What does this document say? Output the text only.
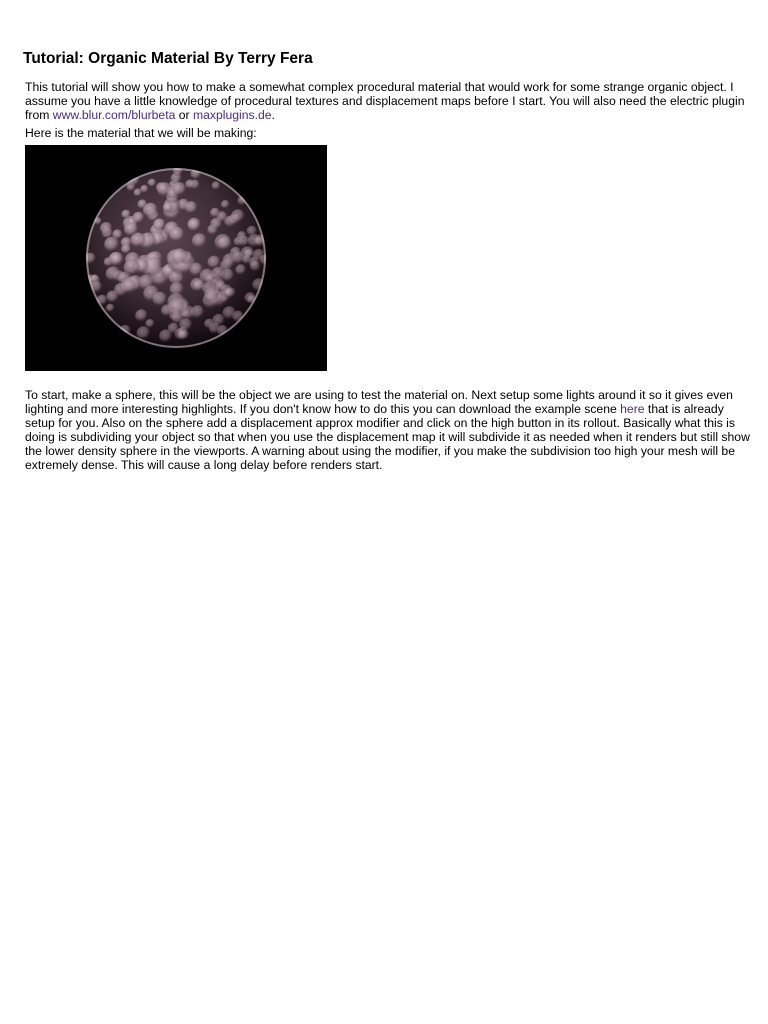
Tutorial: Organic Material By Terry Fera

This tutorial will show you how to make a somewhat complex procedural material that would work for some strange organic object. I
assume you have a little knowledge of procedural textures and displacement maps before I start. You will also need the electric plugin
from www.blur.com/blurbeta or maxplugins.de.

Here is the material that we will be making:

To start, make a sphere, this will be the object we are using to test the material on. Next setup some lights around it so it gives even
lighting and more interesting highlights. If you don't know how to do this you can download the example scene here that is already
setup for you. Also on the sphere add a displacement approx modifier and click on the high button in its rollout. Basically what this is
doing is subdividing your object so that when you use the displacement map it will subdivide it as needed when it renders but still show
the lower density sphere in the viewports. A warning about using the modifier, if you make the subdivision too high your mesh will be
extremely dense. This will cause a long delay before renders start.
